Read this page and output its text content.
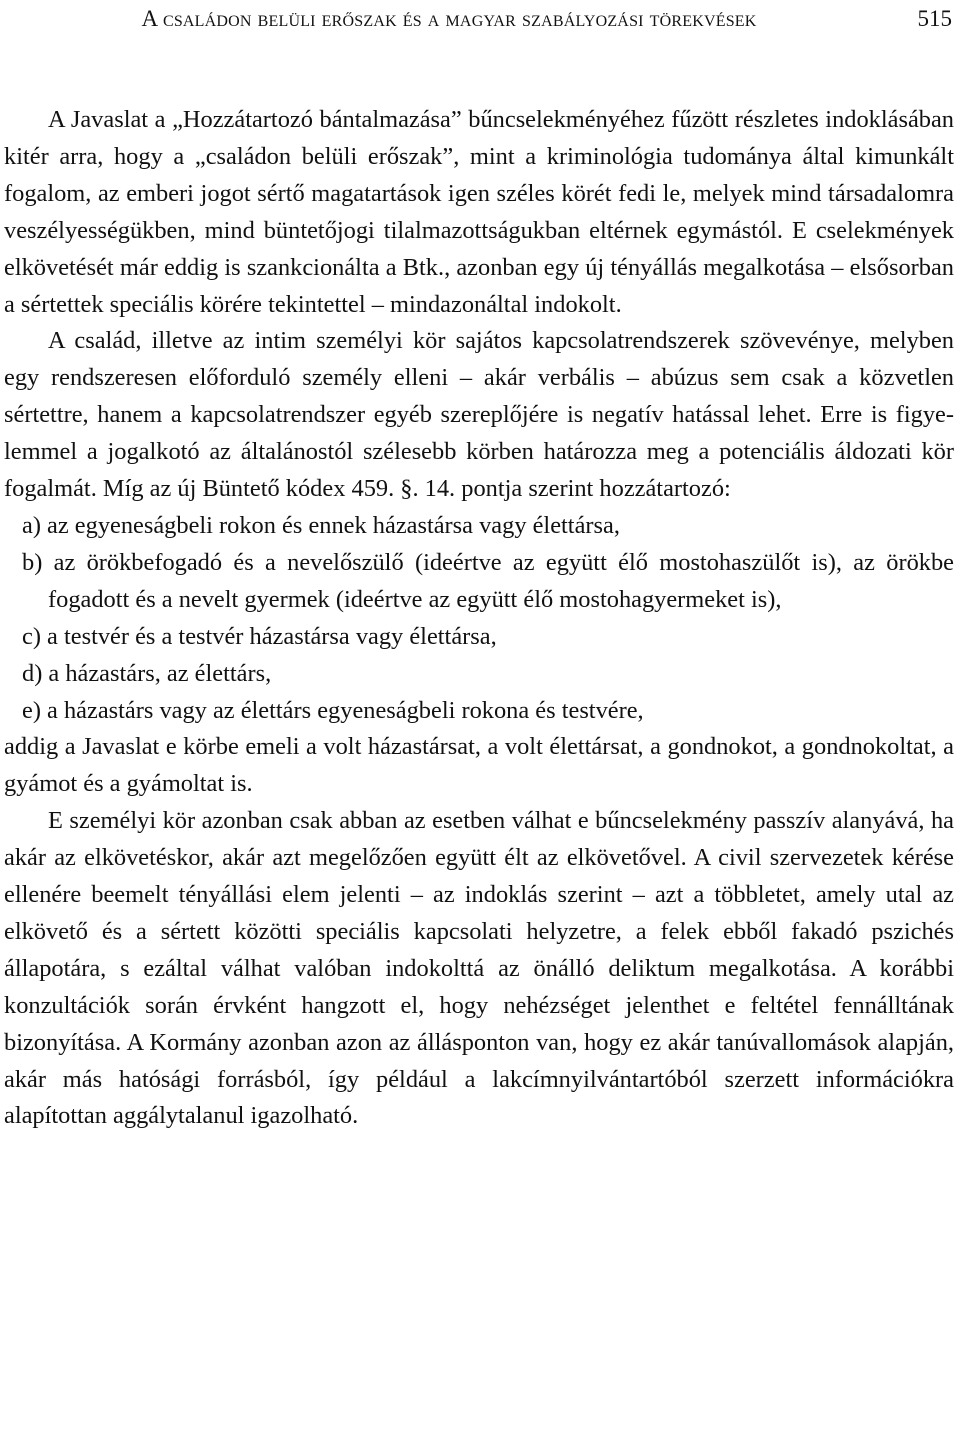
A családon belüli erőszak és a magyar szabályozási törekvések	515

A Javaslat a „Hozzátartozó bántalmazása” bűncselekményéhez fűzött részletes indoklásában kitér arra, hogy a „családon belüli erőszak”, mint a kriminológia tudománya által kimunkált fogalom, az emberi jogot sértő magatartások igen széles körét fedi le, melyek mind társadalomra veszélyességükben, mind büntetőjogi tilalmazottságukban eltérnek egymástól. E cselekmények elkövetését már eddig is szankcionálta a Btk., azonban egy új tényállás megalkotása – elsősorban a sértettek speciális körére tekintettel – mindazonáltal indokolt.

A család, illetve az intim személyi kör sajátos kapcsolatrendszerek szövevénye, melyben egy rendszeresen előforduló személy elleni – akár verbális – abúzus sem csak a közvetlen sértettre, hanem a kapcsolatrendszer egyéb szereplőjére is negatív hatással lehet. Erre is figyelemmel a jogalkotó az általánostól szélesebb körben határozza meg a potenciális áldozati kör fogalmát. Míg az új Büntető kódex 459. §. 14. pontja szerint hozzátartozó:

a) az egyeneságbeli rokon és ennek házastársa vagy élettársa,
b) az örökbefogadó és a nevelőszülő (ideértve az együtt élő mostohaszülőt is), az örökbe fogadott és a nevelt gyermek (ideértve az együtt élő mostohagyermeket is),
c) a testvér és a testvér házastársa vagy élettársa,
d) a házastárs, az élettárs,
e) a házastárs vagy az élettárs egyeneságbeli rokona és testvére,

addig a Javaslat e körbe emeli a volt házastársat, a volt élettársat, a gondnokot, a gondnokoltat, a gyámot és a gyámoltat is.

E személyi kör azonban csak abban az esetben válhat e bűncselekmény passzív alanyává, ha akár az elkövetéskor, akár azt megelőzően együtt élt az elkövetővel. A civil szervezetek kérése ellenére beemelt tényállási elem jelenti – az indoklás szerint – azt a többletet, amely utal az elkövető és a sértett közötti speciális kapcsolati helyzetre, a felek ebből fakadó pszichés állapotára, s ezáltal válhat valóban indokolttá az önálló deliktum megalkotása. A korábbi konzultációk során érvként hangzott el, hogy nehézséget jelenthet e feltétel fennálltának bizonyítása. A Kormány azonban azon az állásponton van, hogy ez akár tanúvallomások alapján, akár más hatósági forrásból, így például a lakcímnyilvántartóból szerzett információkra alapítottan aggálytalanul igazolható.
